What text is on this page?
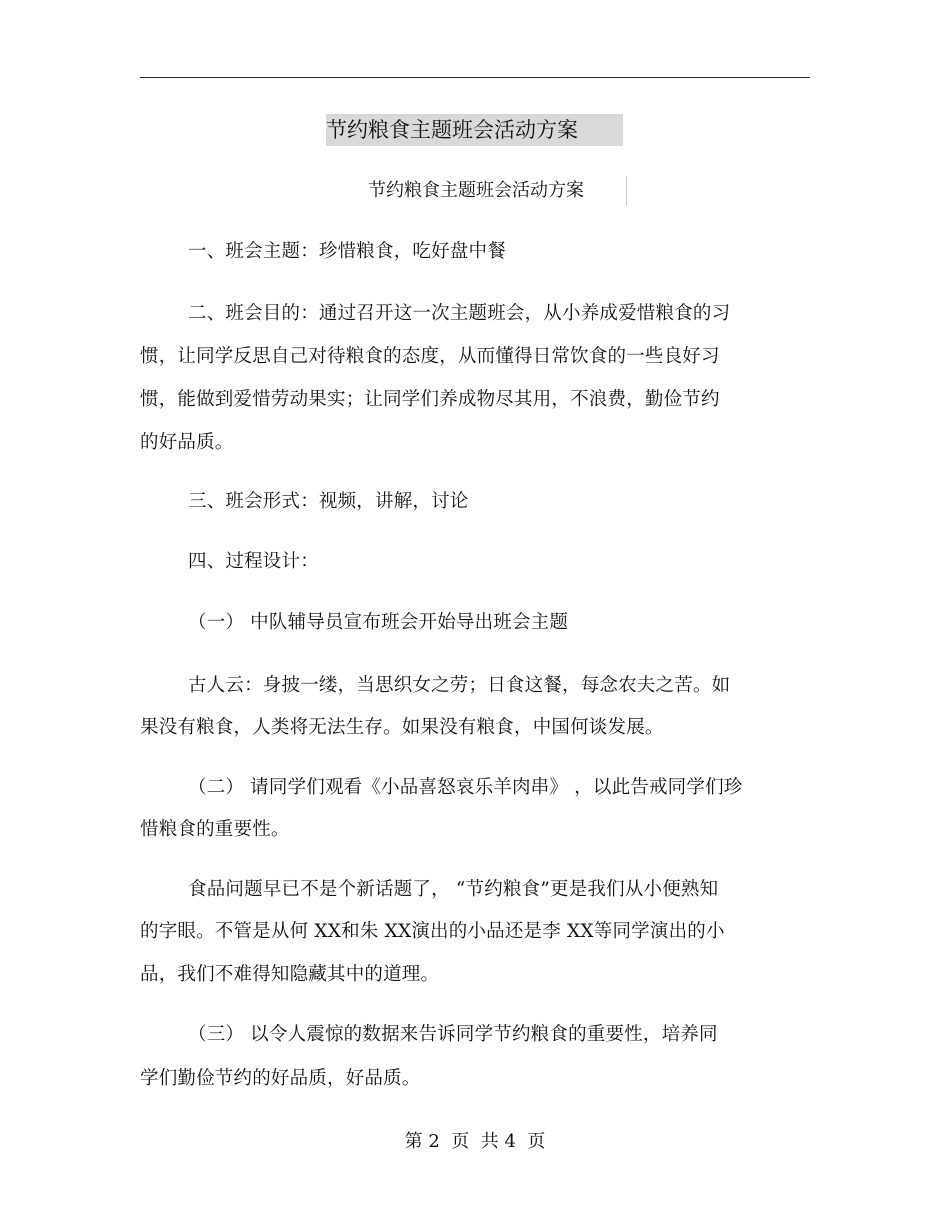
节约粮食主题班会活动方案
节约粮食主题班会活动方案
一、班会主题：珍惜粮食，吃好盘中餐
二、班会目的：通过召开这一次主题班会，从小养成爱惜粮食的习
惯，让同学反思自己对待粮食的态度，从而懂得日常饮食的一些良好习
惯，能做到爱惜劳动果实；让同学们养成物尽其用，不浪费，勤俭节约
的好品质。
三、班会形式：视频，讲解，讨论
四、过程设计：
（一） 中队辅导员宣布班会开始导出班会主题
古人云：身披一缕，当思织女之劳；日食这餐，每念农夫之苦。如
果没有粮食，人类将无法生存。如果没有粮食，中国何谈发展。
（二） 请同学们观看《小品喜怒哀乐羊肉串》 ，以此告戒同学们珍
惜粮食的重要性。
食品问题早已不是个新话题了， “节约粮食”更是我们从小便熟知
的字眼。不管是从何 XX和朱 XX演出的小品还是李 XX等同学演出的小
品，我们不难得知隐藏其中的道理。
（三） 以令人震惊的数据来告诉同学节约粮食的重要性，培养同
学们勤俭节约的好品质，好品质。
第 2  页  共 4  页
